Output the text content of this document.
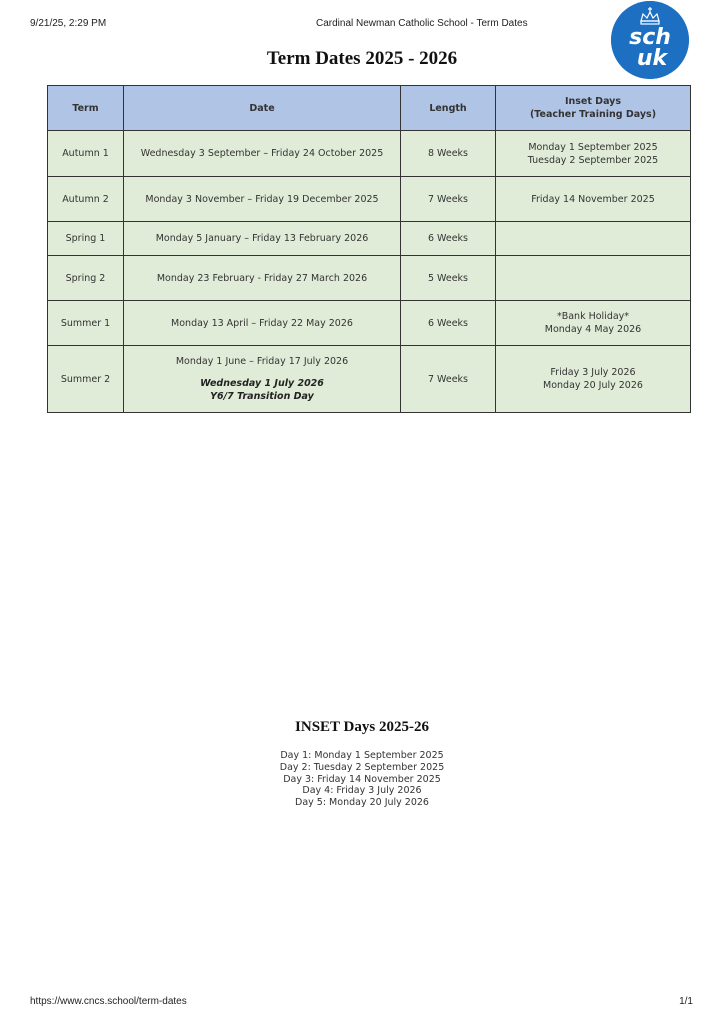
9/21/25, 2:29 PM	Cardinal Newman Catholic School - Term Dates
sch
uk
Term Dates 2025 - 2026
Term	Date	Length	Inset Days
(Teacher Training Days)

Autumn 1	Wednesday 3 September – Friday 24 October 2025	8 Weeks	Monday 1 September 2025
Tuesday 2 September 2025

Autumn 2	Monday 3 November – Friday 19 December 2025	7 Weeks	Friday 14 November 2025

Spring 1	Monday 5 January – Friday 13 February 2026	6 Weeks	
Spring 2	Monday 23 February - Friday 27 March 2026	5 Weeks	
Summer 1	Monday 13 April – Friday 22 May 2026	6 Weeks	*Bank Holiday*
Monday 4 May 2026

Summer 2	Monday 1 June – Friday 17 July 2026
Wednesday 1 July 2026
Y6/7 Transition Day	7 Weeks	Friday 3 July 2026
Monday 20 July 2026
INSET Days 2025-26
Day 1: Monday 1 September 2025
Day 2: Tuesday 2 September 2025
Day 3: Friday 14 November 2025
Day 4: Friday 3 July 2026
Day 5: Monday 20 July 2026
https://www.cncs.school/term-dates	1/1
